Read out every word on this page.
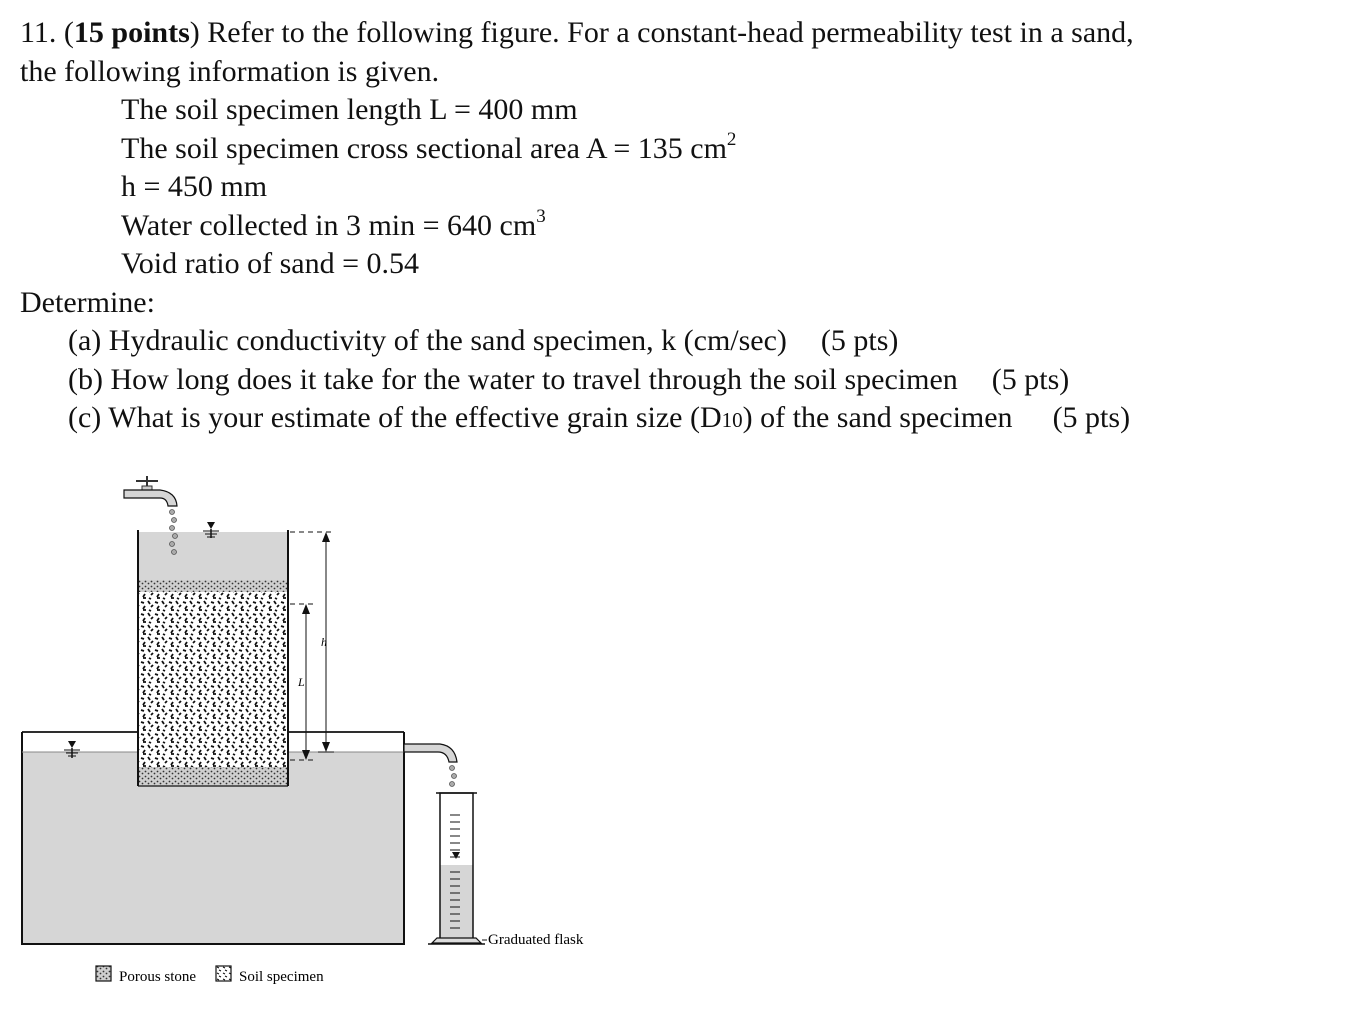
11. (15 points) Refer to the following figure. For a constant-head permeability test in a sand,
the following information is given.
The soil specimen length L = 400 mm
The soil specimen cross sectional area A = 135 $cm^2$
h = 450 mm
Water collected in 3 min = 640 $cm^3$
Void ratio of sand = 0.54
Determine:
(a) Hydraulic conductivity of the sand specimen, k (cm/sec) (5 pts)
(b) How long does it take for the water to travel through the soil specimen (5 pts)
(c) What is your estimate of the effective grain size (D10) of the sand specimen (5 pts)
h
L
Graduated flask
Porous stone	Soil specimen
